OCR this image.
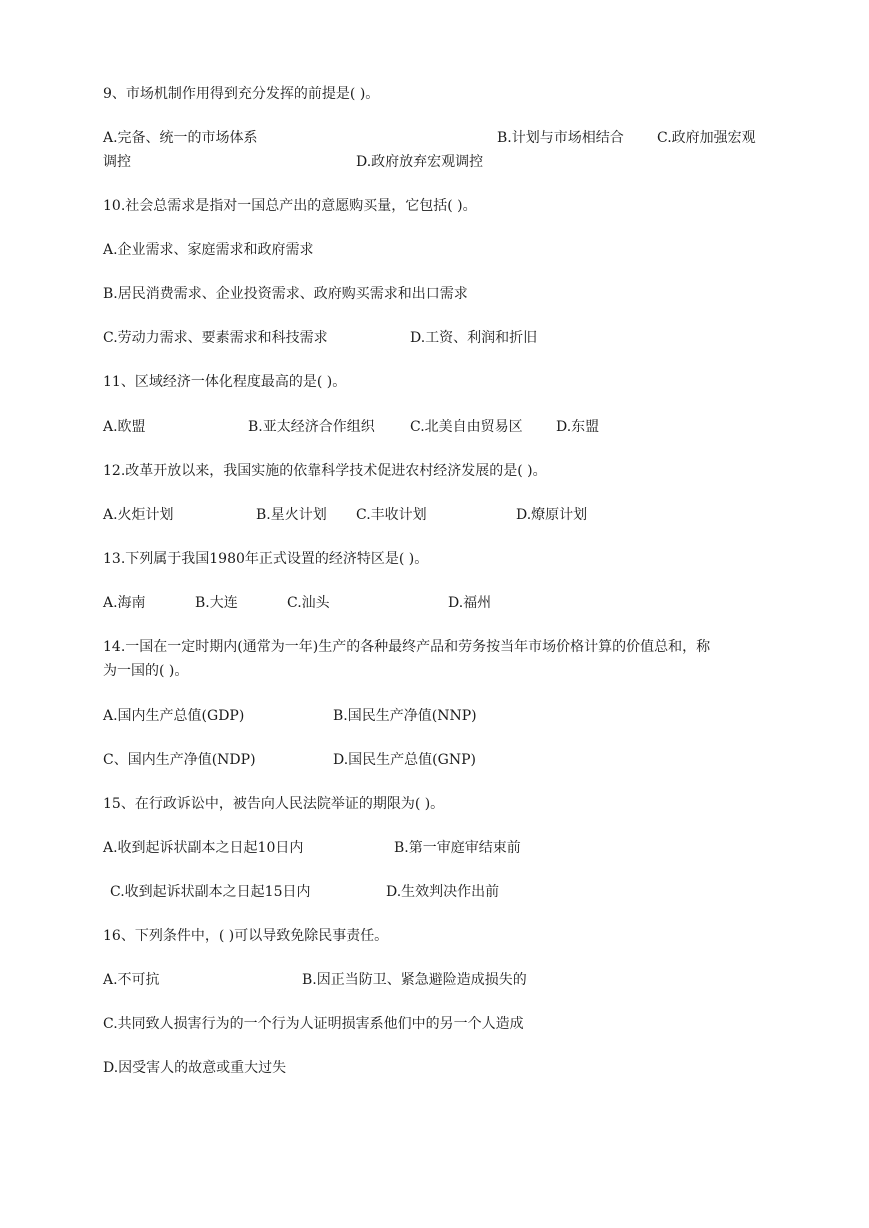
9、市场机制作用得到充分发挥的前提是( )。
A.完备、统一的市场体系	B.计划与市场相结合 C.政府加强宏观
调控	D.政府放弃宏观调控
10.社会总需求是指对一国总产出的意愿购买量，它包括( )。
A.企业需求、家庭需求和政府需求
B.居民消费需求、企业投资需求、政府购买需求和出口需求
C.劳动力需求、要素需求和科技需求	D.工资、利润和折旧
11、区域经济一体化程度最高的是( )。
A.欧盟	B.亚太经济合作组织	C.北美自由贸易区 D.东盟
12.改革开放以来，我国实施的依靠科学技术促进农村经济发展的是( )。
A.火炬计划	B.星火计划 C.丰收计划	D.燎原计划
13.下列属于我国1980年正式设置的经济特区是( )。
A.海南	B.大连	C.汕头	D.福州
14.一国在一定时期内(通常为一年)生产的各种最终产品和劳务按当年市场价格计算的价值总和，称
为一国的( )。
A.国内生产总值(GDP)	B.国民生产净值(NNP)
C、国内生产净值(NDP)	D.国民生产总值(GNP)
15、在行政诉讼中，被告向人民法院举证的期限为( )。
A.收到起诉状副本之日起10日内	B.第一审庭审结束前
C.收到起诉状副本之日起15日内	D.生效判决作出前
16、下列条件中，( )可以导致免除民事责任。
A.不可抗	B.因正当防卫、紧急避险造成损失的
C.共同致人损害行为的一个行为人证明损害系他们中的另一个人造成
D.因受害人的故意或重大过失
